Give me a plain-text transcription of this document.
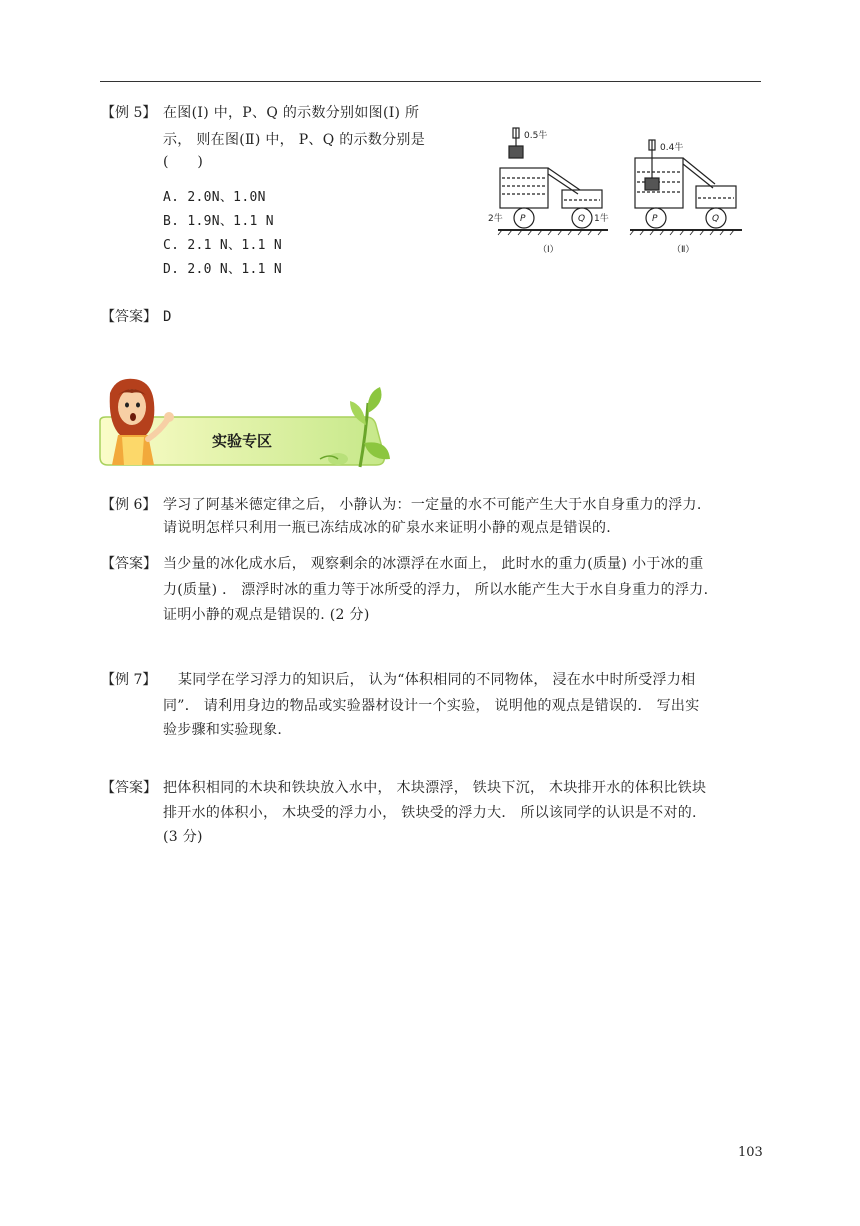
【例 5】 在图(Ⅰ) 中，P、Q 的示数分别如图(Ⅰ) 所
示， 则在图(Ⅱ) 中， P、Q 的示数分别是
(　　)
A. 2.0N、1.0N
B. 1.9N、1.1 N
C. 2.1 N、1.1 N
D. 2.0 N、1.1 N
0.5牛
0.4牛
2牛	1牛
P	Q	P	Q
（Ⅰ）	（Ⅱ）
【答案】 D
实验专区
【例 6】 学习了阿基米德定律之后， 小静认为：一定量的水不可能产生大于水自身重力的浮力.
请说明怎样只利用一瓶已冻结成冰的矿泉水来证明小静的观点是错误的.
【答案】 当少量的冰化成水后， 观察剩余的冰漂浮在水面上， 此时水的重力(质量) 小于冰的重
力(质量) ． 漂浮时冰的重力等于冰所受的浮力， 所以水能产生大于水自身重力的浮力.
证明小静的观点是错误的. (2 分)
【例 7】 某同学在学习浮力的知识后， 认为“体积相同的不同物体， 浸在水中时所受浮力相
同”． 请利用身边的物品或实验器材设计一个实验， 说明他的观点是错误的． 写出实
验步骤和实验现象.
【答案】 把体积相同的木块和铁块放入水中， 木块漂浮， 铁块下沉， 木块排开水的体积比铁块
排开水的体积小， 木块受的浮力小， 铁块受的浮力大． 所以该同学的认识是不对的.
(3 分)
103
